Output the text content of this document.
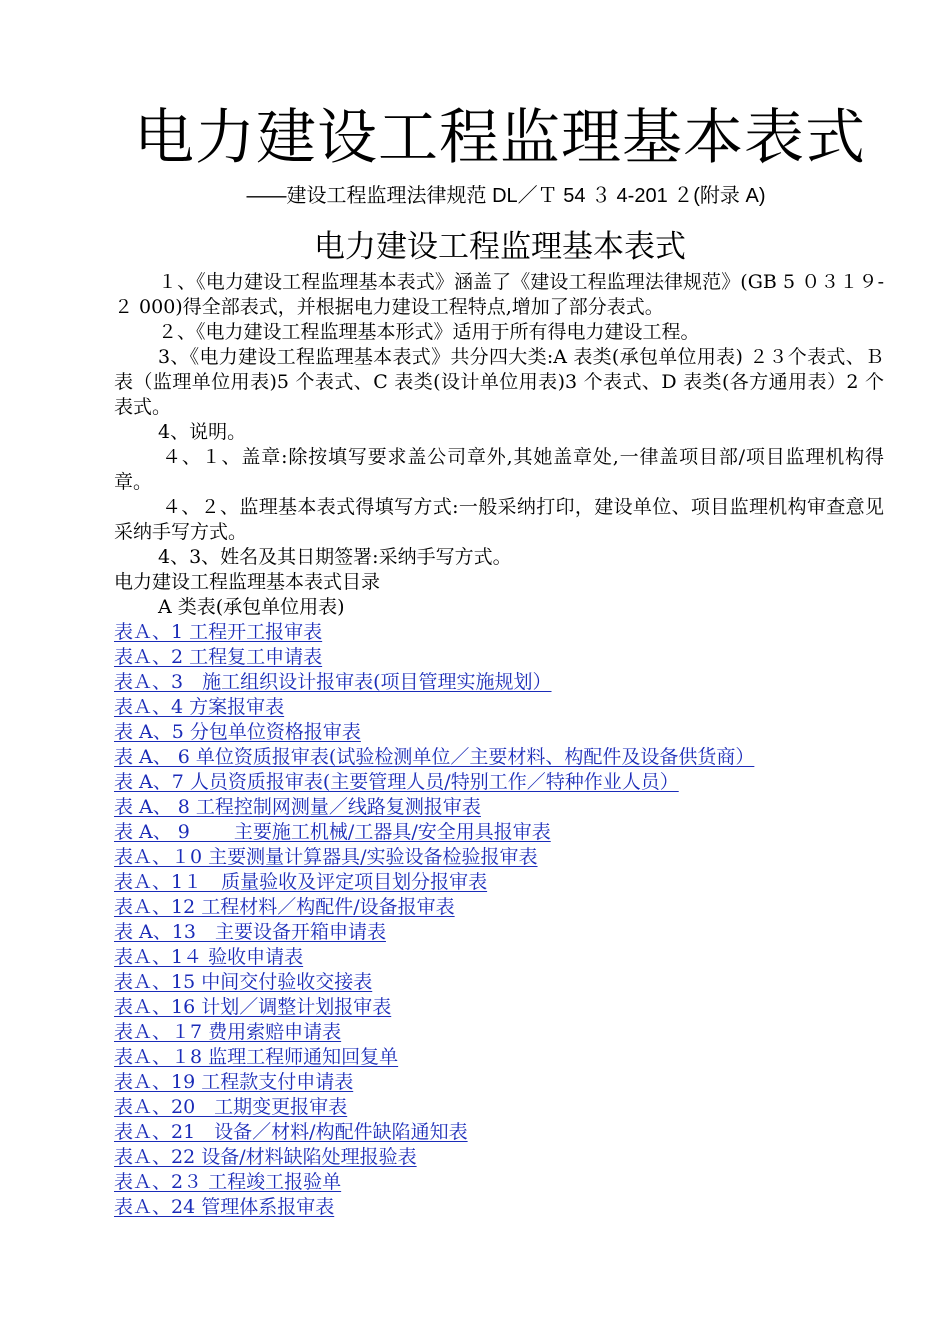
电力建设工程监理基本表式
——建设工程监理法律规范 DL／Ｔ 54 ３ 4-201 ２(附录 A)
电力建设工程监理基本表式

１、《电力建设工程监理基本表式》涵盖了《建设工程监理法律规范》(GB 5 ０３１９-２ 000)得全部表式，并根据电力建设工程特点,增加了部分表式。

２、《电力建设工程监理基本形式》适用于所有得电力建设工程。

3、《电力建设工程监理基本表式》共分四大类:A 表类(承包单位用表) ２３个表式、Ｂ表（监理单位用表)5 个表式、C 表类(设计单位用表)3 个表式、D 表类(各方通用表）2 个表式。

4、说明。

４、１、盖章:除按填写要求盖公司章外,其她盖章处,一律盖项目部/项目监理机构得章。

４、２、监理基本表式得填写方式:一般采纳打印，建设单位、项目监理机构审查意见采纳手写方式。

4、3、姓名及其日期签署:采纳手写方式。

电力建设工程监理基本表式目录

A 类表(承包单位用表)

表Ａ、1 工程开工报审表
表Ａ、2 工程复工申请表
表Ａ、3　施工组织设计报审表(项目管理实施规划）
表Ａ、4 方案报审表
表 A、5 分包单位资格报审表
表 A、 6 单位资质报审表(试验检测单位／主要材料、构配件及设备供货商）
表 A、7 人员资质报审表(主要管理人员/特别工作／特种作业人员）
表 A、 8 工程控制网测量／线路复测报审表
表 A、 9 　　主要施工机械/工器具/安全用具报审表
表Ａ、１0 主要测量计算器具/实验设备检验报审表
表Ａ、1１　质量验收及评定项目划分报审表
表Ａ、12 工程材料／构配件/设备报审表
表 A、13　主要设备开箱申请表
表Ａ、1４ 验收申请表
表Ａ、15 中间交付验收交接表
表Ａ、16 计划／调整计划报审表
表Ａ、１7 费用索赔申请表
表Ａ、１8 监理工程师通知回复单
表Ａ、19 工程款支付申请表
表Ａ、20　工期变更报审表
表Ａ、21　设备／材料/构配件缺陷通知表
表Ａ、22 设备/材料缺陷处理报验表
表Ａ、2３ 工程竣工报验单
表Ａ、24 管理体系报审表
